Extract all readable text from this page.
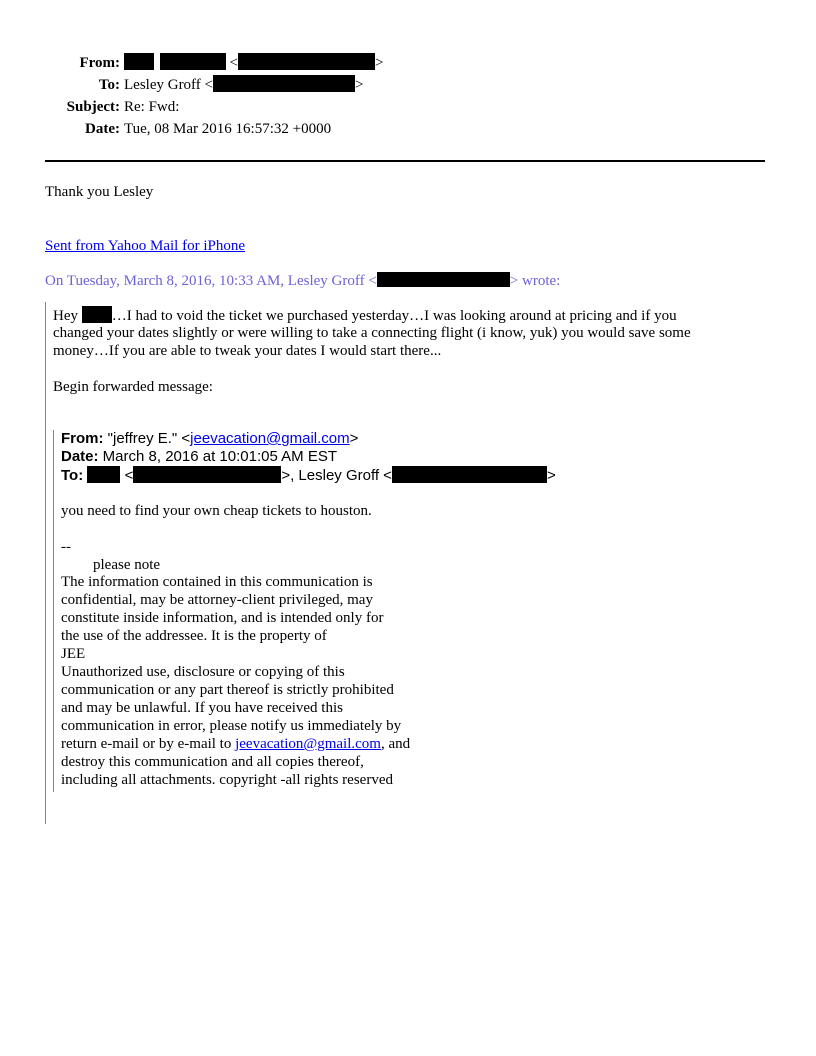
From:	<	>
To: Lesley Groff <	>
Subject: Re: Fwd:
Date: Tue, 08 Mar 2016 16:57:32 +0000
Thank you Lesley
Sent from Yahoo Mail for iPhone
On Tuesday, March 8, 2016, 10:33 AM, Lesley Groff <	> wrote:
Hey …I had to void the ticket we purchased yesterday…I was looking around at pricing and if you
changed your dates slightly or were willing to take a connecting flight (i know, yuk) you would save some
money…If you are able to tweak your dates I would start there...
Begin forwarded message:
From: "jeffrey E." <jeevacation@gmail.com>
Date: March 8, 2016 at 10:01:05 AM EST
To:	<	>, Lesley Groff <	>
you need to find your own cheap tickets to houston.
--
please note
The information contained in this communication is
confidential, may be attorney-client privileged, may
constitute inside information, and is intended only for
the use of the addressee. It is the property of
JEE
Unauthorized use, disclosure or copying of this
communication or any part thereof is strictly prohibited
and may be unlawful. If you have received this
communication in error, please notify us immediately by
return e-mail or by e-mail to jeevacation@gmail.com, and
destroy this communication and all copies thereof,
including all attachments. copyright -all rights reserved
